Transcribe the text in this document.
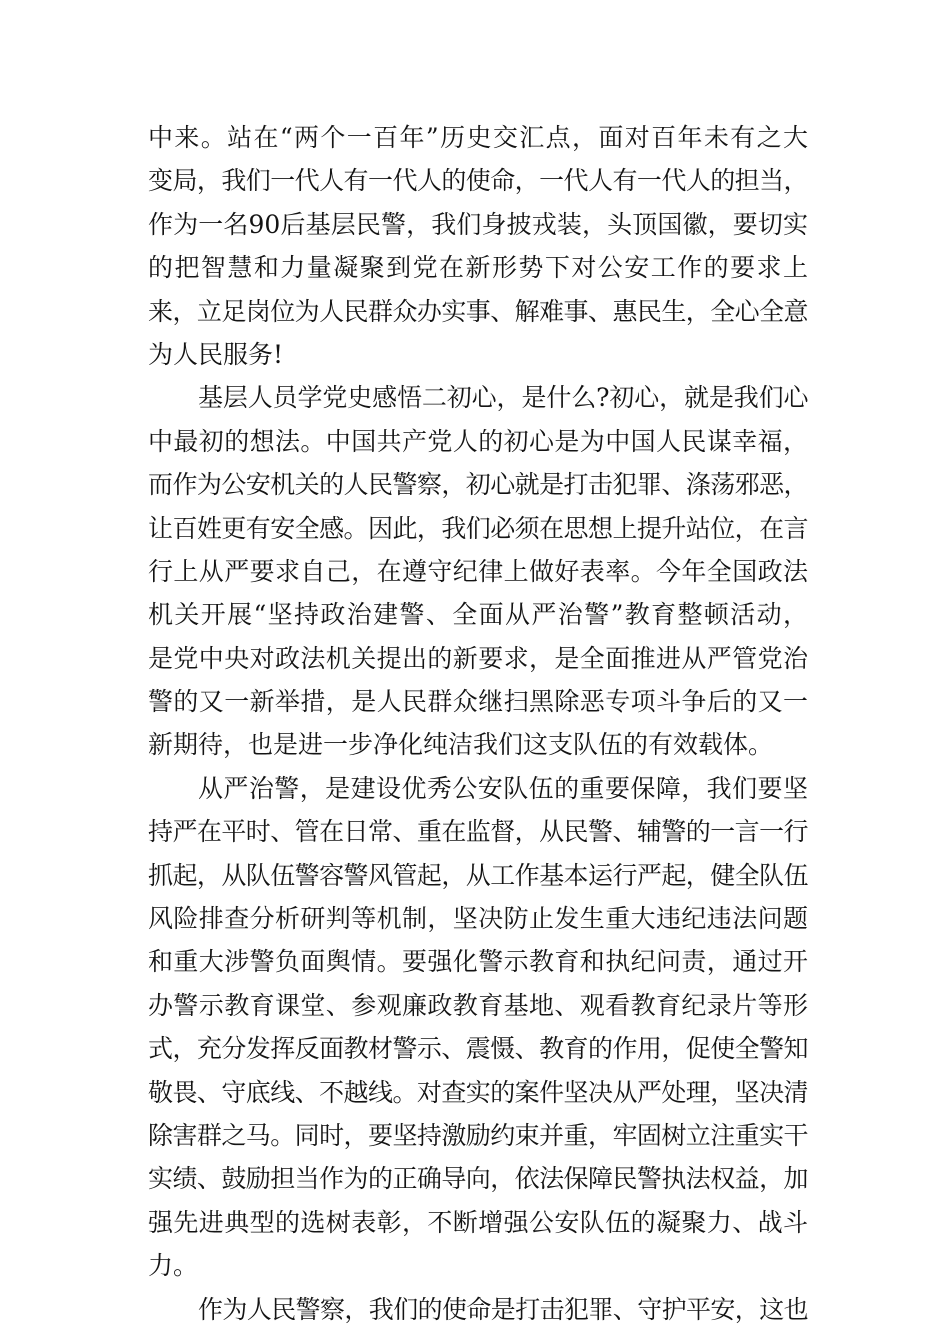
中来。站在“两个一百年”历史交汇点，面对百年未有之大
变局，我们一代人有一代人的使命，一代人有一代人的担当，
作为一名90后基层民警，我们身披戎装，头顶国徽，要切实
的把智慧和力量凝聚到党在新形势下对公安工作的要求上
来，立足岗位为人民群众办实事、解难事、惠民生，全心全意
为人民服务!
基层人员学党史感悟二初心，是什么?初心，就是我们心
中最初的想法。中国共产党人的初心是为中国人民谋幸福，
而作为公安机关的人民警察，初心就是打击犯罪、涤荡邪恶，
让百姓更有安全感。因此，我们必须在思想上提升站位，在言
行上从严要求自己，在遵守纪律上做好表率。今年全国政法
机关开展“坚持政治建警、全面从严治警”教育整顿活动，
是党中央对政法机关提出的新要求，是全面推进从严管党治
警的又一新举措，是人民群众继扫黑除恶专项斗争后的又一
新期待，也是进一步净化纯洁我们这支队伍的有效载体。
从严治警，是建设优秀公安队伍的重要保障，我们要坚
持严在平时、管在日常、重在监督，从民警、辅警的一言一行
抓起，从队伍警容警风管起，从工作基本运行严起，健全队伍
风险排查分析研判等机制，坚决防止发生重大违纪违法问题
和重大涉警负面舆情。要强化警示教育和执纪问责，通过开
办警示教育课堂、参观廉政教育基地、观看教育纪录片等形
式，充分发挥反面教材警示、震慑、教育的作用，促使全警知
敬畏、守底线、不越线。对查实的案件坚决从严处理，坚决清
除害群之马。同时，要坚持激励约束并重，牢固树立注重实干
实绩、鼓励担当作为的正确导向，依法保障民警执法权益，加
强先进典型的选树表彰，不断增强公安队伍的凝聚力、战斗
力。
作为人民警察，我们的使命是打击犯罪、守护平安，这也
